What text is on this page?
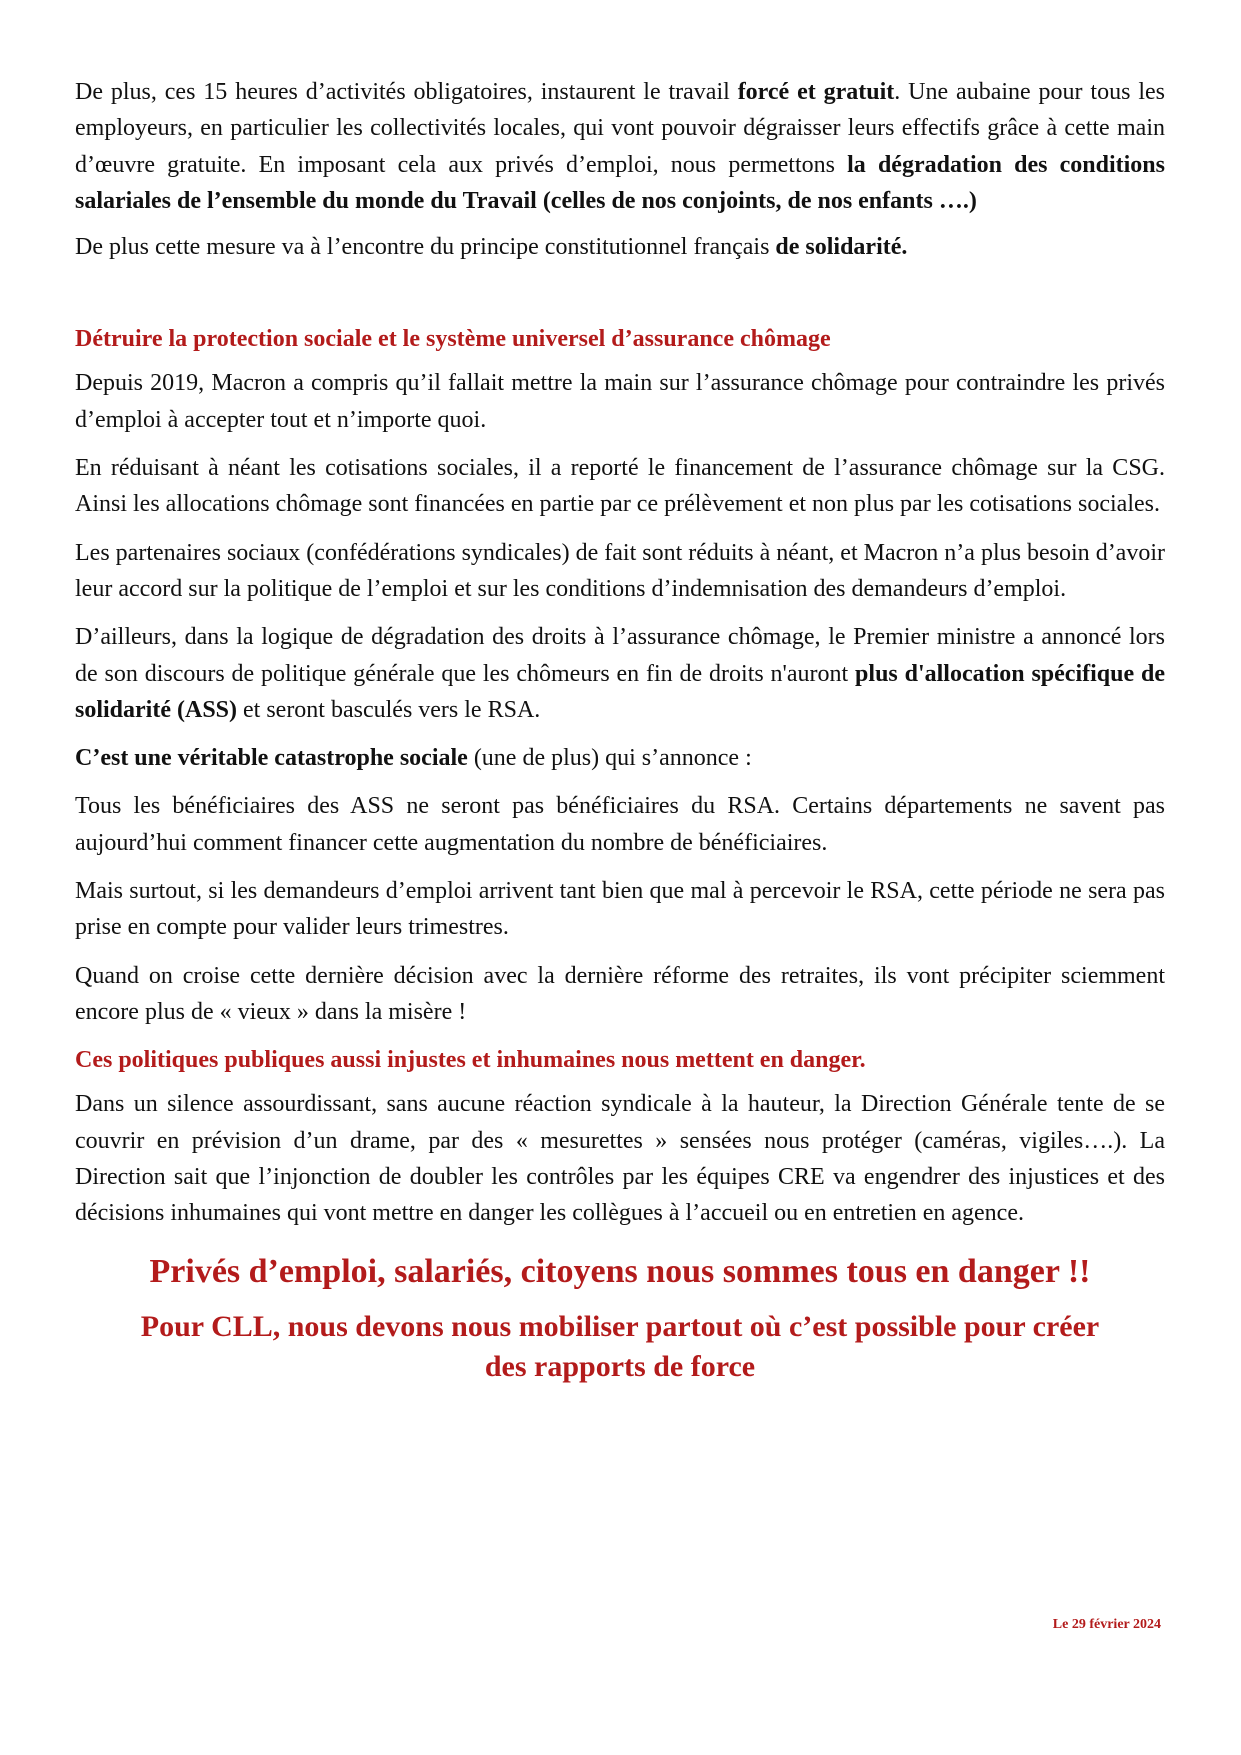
De plus, ces 15 heures d’activités obligatoires, instaurent le travail forcé et gratuit. Une aubaine pour tous les employeurs, en particulier les collectivités locales, qui vont pouvoir dégraisser leurs effectifs grâce à cette main d’œuvre gratuite. En imposant cela aux privés d’emploi, nous permettons la dégradation des conditions salariales de l’ensemble du monde du Travail (celles de nos conjoints, de nos enfants ….)

De plus cette mesure va à l’encontre du principe constitutionnel français de solidarité.

Détruire la protection sociale et le système universel d’assurance chômage

Depuis 2019, Macron a compris qu’il fallait mettre la main sur l’assurance chômage pour contraindre les privés d’emploi à accepter tout et n’importe quoi.

En réduisant à néant les cotisations sociales, il a reporté le financement de l’assurance chômage sur la CSG. Ainsi les allocations chômage sont financées en partie par ce prélèvement et non plus par les cotisations sociales.

Les partenaires sociaux (confédérations syndicales) de fait sont réduits à néant, et Macron n’a plus besoin d’avoir leur accord sur la politique de l’emploi et sur les conditions d’indemnisation des demandeurs d’emploi.

D’ailleurs, dans la logique de dégradation des droits à l’assurance chômage, le Premier ministre a annoncé lors de son discours de politique générale que les chômeurs en fin de droits n'auront plus d'allocation spécifique de solidarité (ASS) et seront basculés vers le RSA.

C’est une véritable catastrophe sociale (une de plus) qui s’annonce :

Tous les bénéficiaires des ASS ne seront pas bénéficiaires du RSA. Certains départements ne savent pas aujourd’hui comment financer cette augmentation du nombre de bénéficiaires.

Mais surtout, si les demandeurs d’emploi arrivent tant bien que mal à percevoir le RSA, cette période ne sera pas prise en compte pour valider leurs trimestres.

Quand on croise cette dernière décision avec la dernière réforme des retraites, ils vont précipiter sciemment encore plus de « vieux » dans la misère !

Ces politiques publiques aussi injustes et inhumaines nous mettent en danger.

Dans un silence assourdissant, sans aucune réaction syndicale à la hauteur, la Direction Générale tente de se couvrir en prévision d’un drame, par des « mesurettes » sensées nous protéger (caméras, vigiles….). La Direction sait que l’injonction de doubler les contrôles par les équipes CRE va engendrer des injustices et des décisions inhumaines qui vont mettre en danger les collègues à l’accueil ou en entretien en agence.

Privés d’emploi, salariés, citoyens nous sommes tous en danger !!

Pour CLL, nous devons nous mobiliser partout où c’est possible pour créer
des rapports de force

Le 29 février 2024
